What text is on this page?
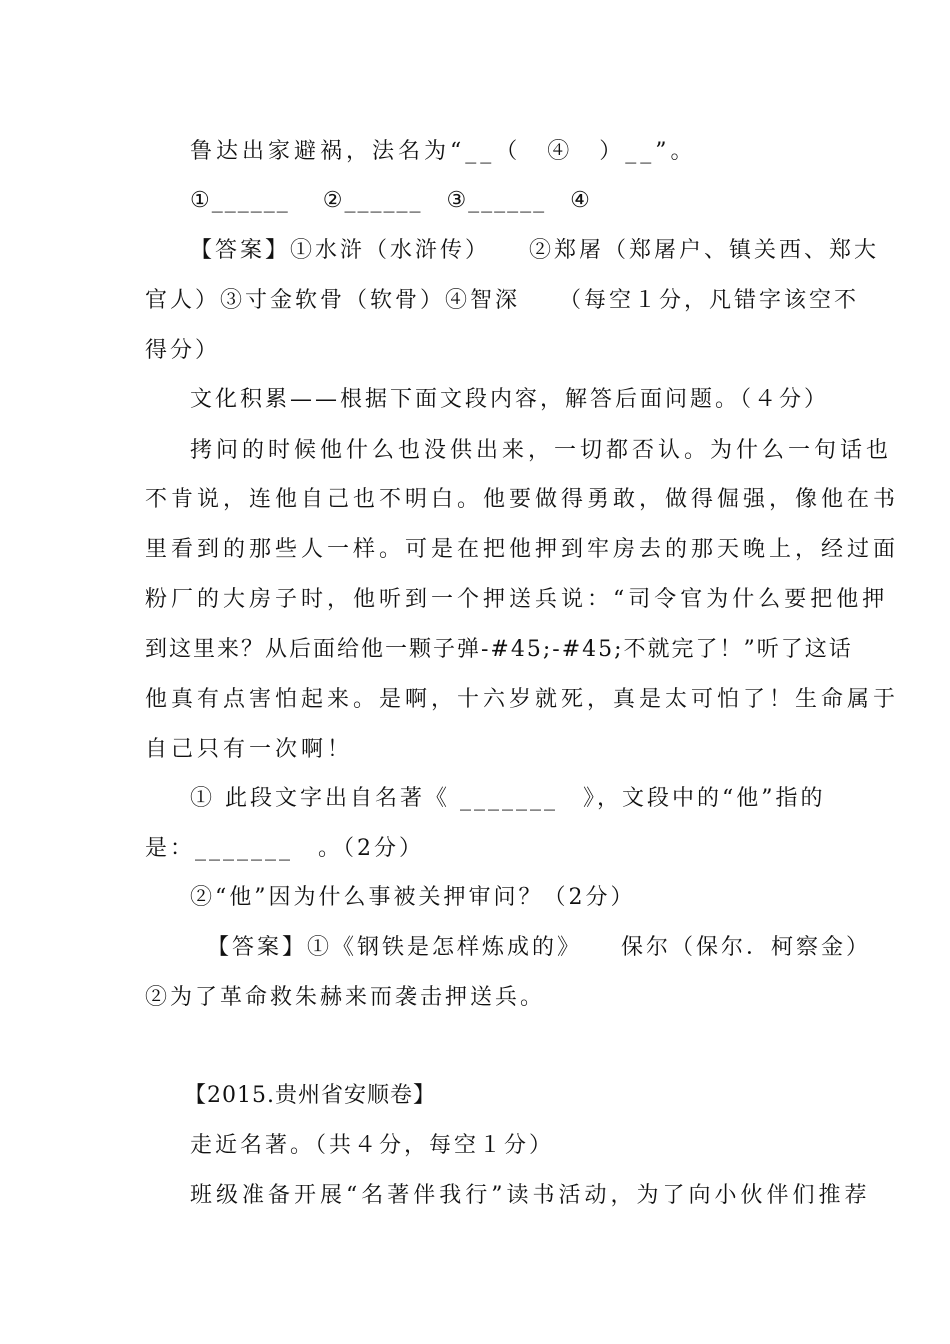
鲁达出家避祸，法名为“__（　④　）__”。
①______　 ②______　③______　④
【答案】①水浒（水浒传）　　②郑屠（郑屠户、镇关西、郑大
官人）③寸金软骨（软骨）④智深　　（每空１分，凡错字该空不
得分）
文化积累——根据下面文段内容，解答后面问题。（４分）
拷问的时候他什么也没供出来，一切都否认。为什么一句话也
不肯说，连他自己也不明白。他要做得勇敢，做得倔强，像他在书
里看到的那些人一样。可是在把他押到牢房去的那天晚上，经过面
粉厂的大房子时，他听到一个押送兵说：“司令官为什么要把他押
到这里来？从后面给他一颗子弹-#45;-#45;不就完了！”听了这话
他真有点害怕起来。是啊，十六岁就死，真是太可怕了！生命属于
自己只有一次啊！
① 此段文字出自名著《 _______　》，文段中的“他”指的
是：_______　。（2分）
②“他”因为什么事被关押审问？（2分）
【答案】①《钢铁是怎样炼成的》　　保尔（保尔．柯察金）
②为了革命救朱赫来而袭击押送兵。
【2015.贵州省安顺卷】
走近名著。（共４分，每空１分）
班级准备开展“名著伴我行”读书活动，为了向小伙伴们推荐
